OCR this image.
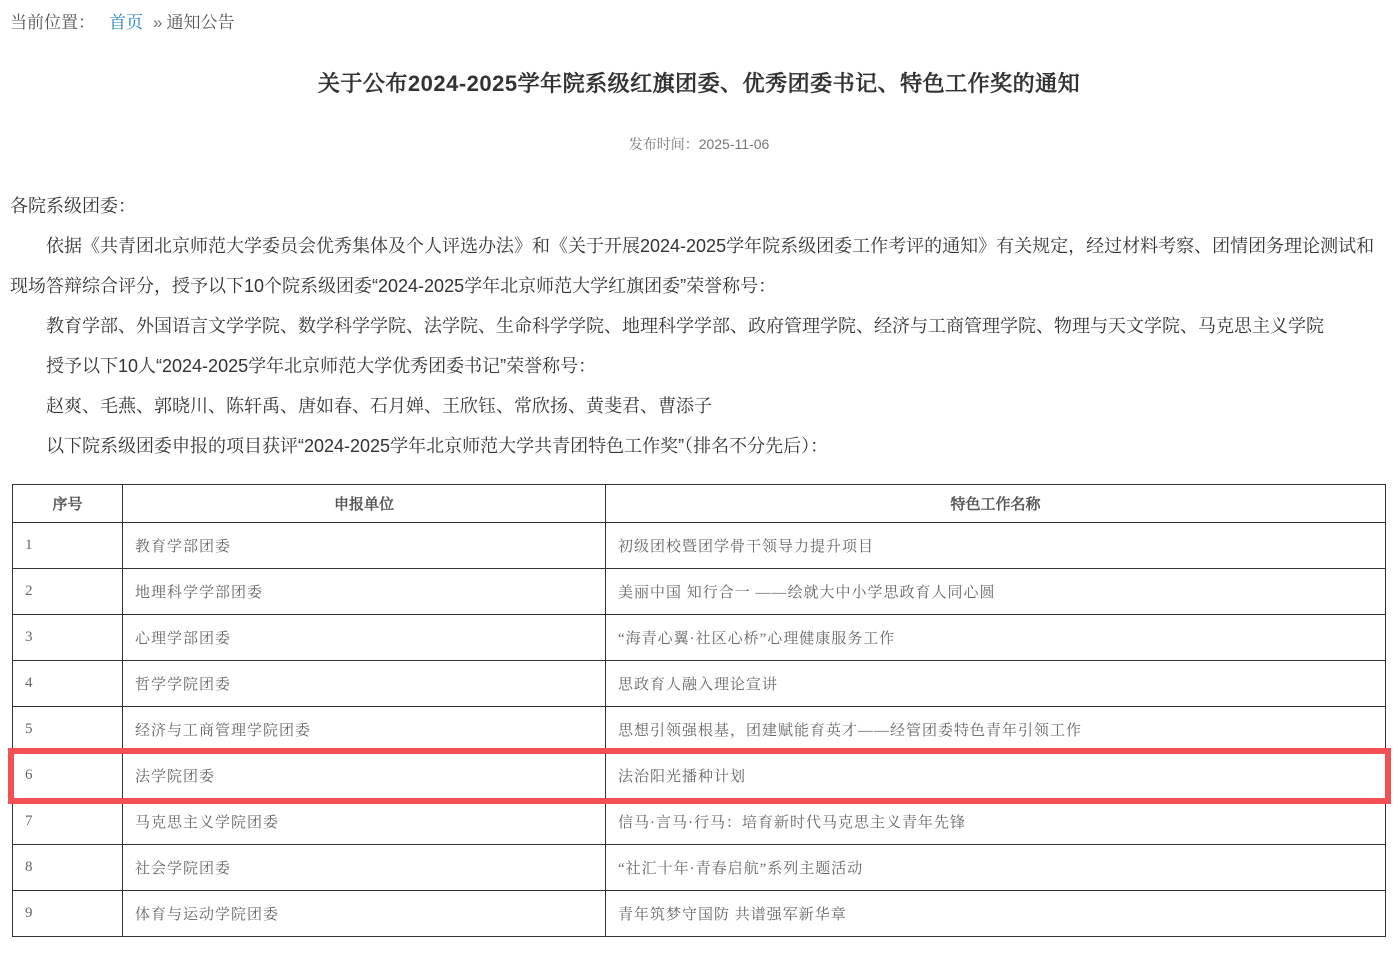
当前位置： 首页 » 通知公告
关于公布2024-2025学年院系级红旗团委、优秀团委书记、特色工作奖的通知
发布时间：2025-11-06

各院系级团委：

依据《共青团北京师范大学委员会优秀集体及个人评选办法》和《关于开展2024-2025学年院系级团委工作考评的通知》有关规定，经过材料考察、团情团务理论测试和现场答辩综合评分，授予以下10个院系级团委“2024-2025学年北京师范大学红旗团委”荣誉称号：

教育学部、外国语言文学学院、数学科学学院、法学院、生命科学学院、地理科学学部、政府管理学院、经济与工商管理学院、物理与天文学院、马克思主义学院

授予以下10人“2024-2025学年北京师范大学优秀团委书记”荣誉称号：

赵爽、毛燕、郭晓川、陈轩禹、唐如春、石月婵、王欣钰、常欣扬、黄斐君、曹添子

以下院系级团委申报的项目获评“2024-2025学年北京师范大学共青团特色工作奖”（排名不分先后）：

序号	申报单位	特色工作名称
1	教育学部团委	初级团校暨团学骨干领导力提升项目
2	地理科学学部团委	美丽中国 知行合一 ——绘就大中小学思政育人同心圆
3	心理学部团委	“海青心翼·社区心桥”心理健康服务工作
4	哲学学院团委	思政育人融入理论宣讲
5	经济与工商管理学院团委	思想引领强根基，团建赋能育英才——经管团委特色青年引领工作
6	法学院团委	法治阳光播种计划
7	马克思主义学院团委	信马·言马·行马：培育新时代马克思主义青年先锋
8	社会学院团委	“社汇十年·青春启航”系列主题活动
9	体育与运动学院团委	青年筑梦守国防 共谱强军新华章
